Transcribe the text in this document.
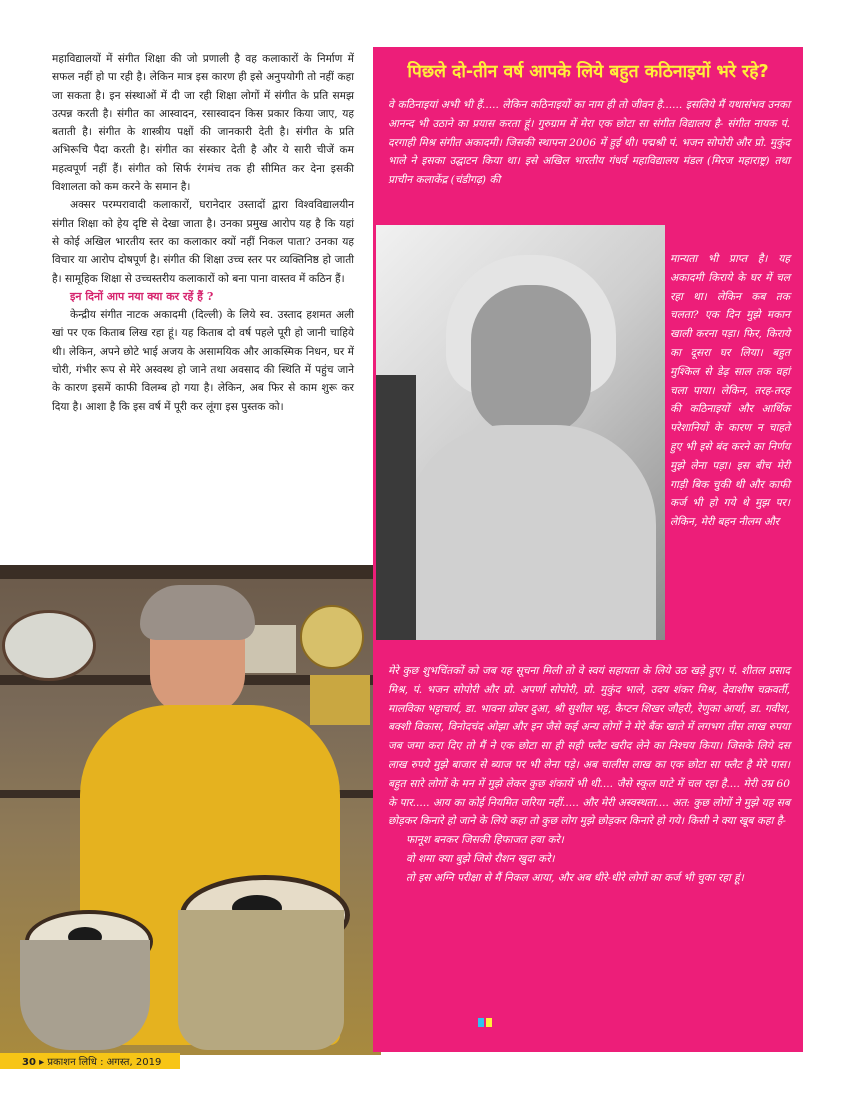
महाविद्यालयों में संगीत शिक्षा की जो प्रणाली है वह कलाकारों के निर्माण में सफल नहीं हो पा रही है। लेकिन मात्र इस कारण ही इसे अनुपयोगी तो नहीं कहा जा सकता है। इन संस्थाओं में दी जा रही शिक्षा लोगों में संगीत के प्रति समझ उत्पन्न करती है। संगीत का आस्वादन, रसास्वादन किस प्रकार किया जाए, यह बताती है। संगीत के शास्त्रीय पक्षों की जानकारी देती है। संगीत के प्रति अभिरूचि पैदा करती है। संगीत का संस्कार देती है और ये सारी चीजें कम महत्वपूर्ण नहीं हैं। संगीत को सिर्फ रंगमंच तक ही सीमित कर देना इसकी विशालता को कम करने के समान है।

अक्सर परम्परावादी कलाकारों, घरानेदार उस्तादों द्वारा विश्वविद्यालयीन संगीत शिक्षा को हेय दृष्टि से देखा जाता है। उनका प्रमुख आरोप यह है कि यहां से कोई अखिल भारतीय स्तर का कलाकार क्यों नहीं निकल पाता? उनका यह विचार या आरोप दोषपूर्ण है। संगीत की शिक्षा उच्च स्तर पर व्यक्तिनिष्ठ हो जाती है। सामूहिक शिक्षा से उच्चस्तरीय कलाकारों को बना पाना वास्तव में कठिन हैं।

इन दिनों आप नया क्या कर रहें हैं ?

केन्द्रीय संगीत नाटक अकादमी (दिल्ली) के लिये स्व. उस्ताद हशमत अली खां पर एक किताब लिख रहा हूं। यह किताब दो वर्ष पहले पूरी हो जानी चाहिये थी। लेकिन, अपने छोटे भाई अजय के असामयिक और आकस्मिक निधन, घर में चोरी, गंभीर रूप से मेरे अस्वस्थ हो जाने तथा अवसाद की स्थिति में पहुंच जाने के कारण इसमें काफी विलम्ब हो गया है। लेकिन, अब फिर से काम शुरू कर दिया है। आशा है कि इस वर्ष में पूरी कर लूंगा इस पुस्तक को।

पिछले दो-तीन वर्ष आपके लिये बहुत कठिनाइयों भरे रहे?

वे कठिनाइयां अभी भी हैं..... लेकिन कठिनाइयों का नाम ही तो जीवन है...... इसलिये मैं यथासंभव उनका आनन्द भी उठाने का प्रयास करता हूं। गुरुग्राम में मेरा एक छोटा सा संगीत विद्यालय है- संगीत नायक पं. दरगाही मिश्र संगीत अकादमी। जिसकी स्थापना 2006 में हुई थी। पद्मश्री पं. भजन सोपोरी और प्रो. मुकुंद भाले ने इसका उद्घाटन किया था। इसे अखिल भारतीय गंधर्व महाविद्यालय मंडल (मिरज महाराष्ट्र) तथा प्राचीन कलाकेंद्र (चंडीगढ़) की

मान्यता भी प्राप्त है। यह अकादमी किराये के घर में चल रहा था। लेकिन कब तक चलता? एक दिन मुझे मकान खाली करना पड़ा। फिर, किराये का दूसरा घर लिया। बहुत मुश्किल से डेढ़ साल तक वहां चला पाया। लेकिन, तरह-तरह की कठिनाइयों और आर्थिक परेशानियों के कारण न चाहते हुए भी इसे बंद करने का निर्णय मुझे लेना पड़ा। इस बीच मेरी गाड़ी बिक चुकी थी और काफी कर्ज भी हो गये थे मुझ पर। लेकिन, मेरी बहन नीलम और

मेरे कुछ शुभचिंतकों को जब यह सूचना मिली तो वे स्वयं सहायता के लिये उठ खड़े हुए। पं. शीतल प्रसाद मिश्र, पं. भजन सोपोरी और प्रो. अपर्णा सोपोरी, प्रो. मुकुंद भाले, उदय शंकर मिश्र, देवाशीष चक्रवर्ती, मालविका भट्टाचार्य, डा. भावना ग्रोवर दुआ, श्री सुशील भट्ट, कैप्टन शिखर जौहरी, रेणुका आर्या, डा. गवीश, बक्शी विकास, विनोदचंद ओझा और इन जैसे कई अन्य लोगों ने मेरे बैंक खाते में लगभग तीस लाख रुपया जब जमा करा दिए तो मैं ने एक छोटा सा ही सही फ्लैट खरीद लेने का निश्चय किया। जिसके लिये दस लाख रुपये मुझे बाजार से ब्याज पर भी लेना पड़े। अब चालीस लाख का एक छोटा सा फ्लैट है मेरे पास। बहुत सारे लोगों के मन में मुझे लेकर कुछ शंकायें भी थी.... जैसे स्कूल घाटे में चल रहा है.... मेरी उम्र 60 के पार..... आय का कोई नियमित जरिया नहीं..... और मेरी अस्वस्थता.... अत: कुछ लोगों ने मुझे यह सब छोड़कर किनारे हो जाने के लिये कहा तो कुछ लोग मुझे छोड़कर किनारे हो गये। किसी ने क्या खूब कहा है-

फानूश बनकर जिसकी हिफाजत हवा करे।

वो शमा क्या बुझे जिसे रौशन खुदा करे।

तो इस अग्नि परीक्षा से मैं निकल आया, और अब धीरे-धीरे लोगों का कर्ज भी चुका रहा हूं।

30 ▸ प्रकाशन लिधि : अगस्त, 2019
